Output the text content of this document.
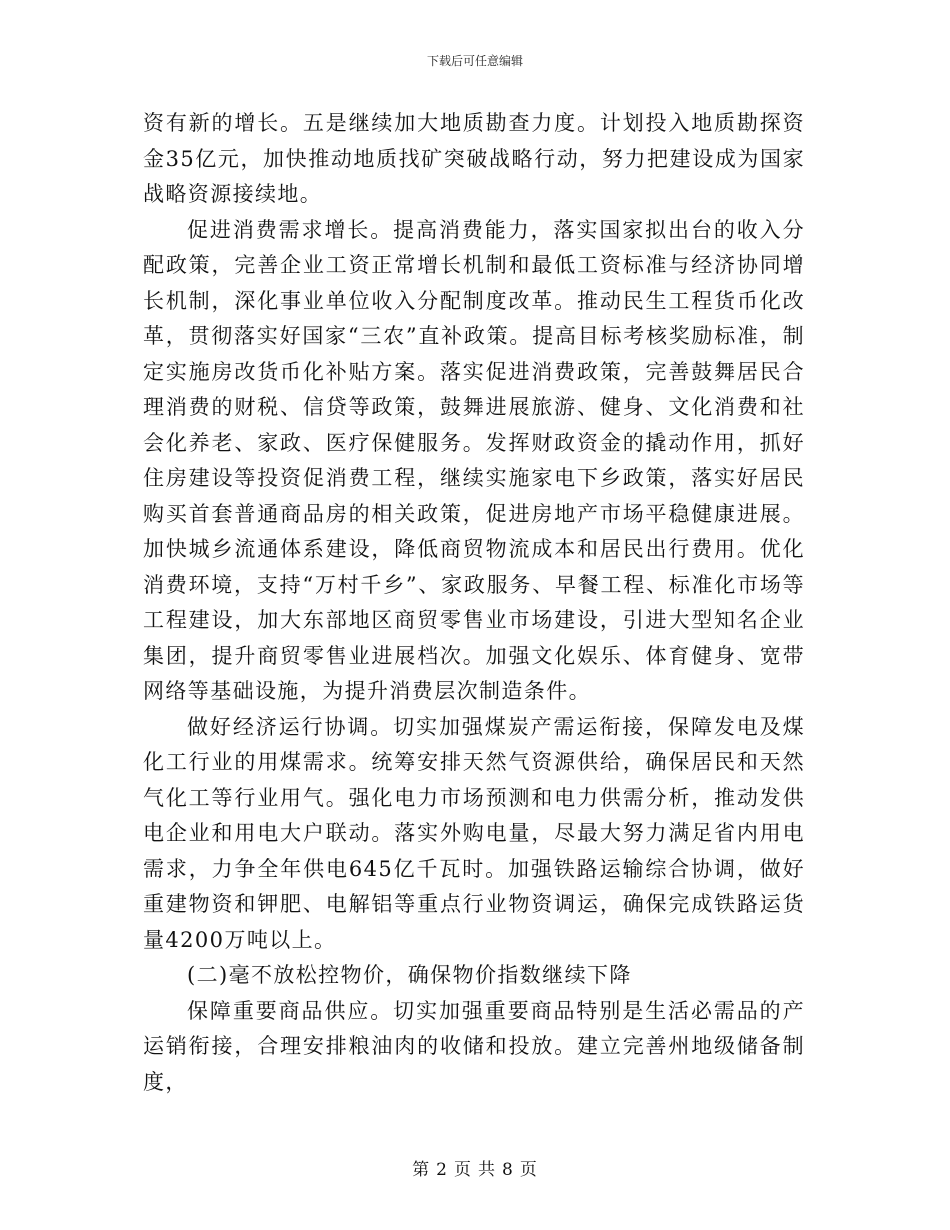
下载后可任意编辑

资有新的增长。五是继续加大地质勘查力度。计划投入地质勘探资金35亿元，加快推动地质找矿突破战略行动，努力把建设成为国家战略资源接续地。

促进消费需求增长。提高消费能力，落实国家拟出台的收入分配政策，完善企业工资正常增长机制和最低工资标准与经济协同增长机制，深化事业单位收入分配制度改革。推动民生工程货币化改革，贯彻落实好国家“三农”直补政策。提高目标考核奖励标准，制定实施房改货币化补贴方案。落实促进消费政策，完善鼓舞居民合理消费的财税、信贷等政策，鼓舞进展旅游、健身、文化消费和社会化养老、家政、医疗保健服务。发挥财政资金的撬动作用，抓好住房建设等投资促消费工程，继续实施家电下乡政策，落实好居民购买首套普通商品房的相关政策，促进房地产市场平稳健康进展。加快城乡流通体系建设，降低商贸物流成本和居民出行费用。优化消费环境，支持“万村千乡”、家政服务、早餐工程、标准化市场等工程建设，加大东部地区商贸零售业市场建设，引进大型知名企业集团，提升商贸零售业进展档次。加强文化娱乐、体育健身、宽带网络等基础设施，为提升消费层次制造条件。

做好经济运行协调。切实加强煤炭产需运衔接，保障发电及煤化工行业的用煤需求。统筹安排天然气资源供给，确保居民和天然气化工等行业用气。强化电力市场预测和电力供需分析，推动发供电企业和用电大户联动。落实外购电量，尽最大努力满足省内用电需求，力争全年供电645亿千瓦时。加强铁路运输综合协调，做好重建物资和钾肥、电解铝等重点行业物资调运，确保完成铁路运货量4200万吨以上。

(二)毫不放松控物价，确保物价指数继续下降

保障重要商品供应。切实加强重要商品特别是生活必需品的产运销衔接，合理安排粮油肉的收储和投放。建立完善州地级储备制度，

第 2 页 共 8 页
